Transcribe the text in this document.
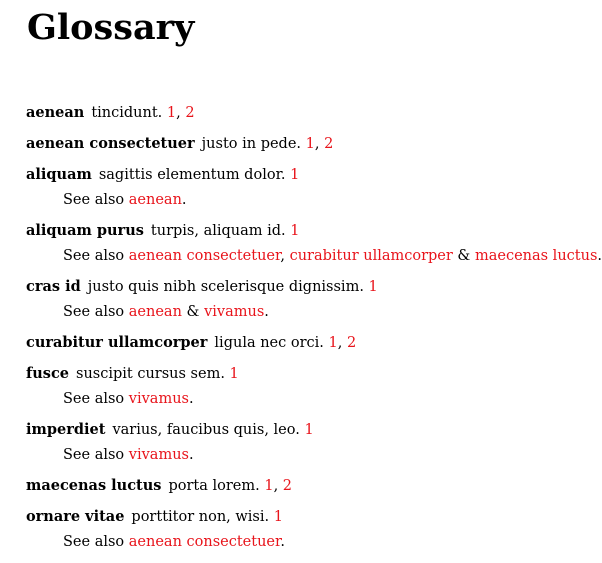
Glossary
aenean tincidunt. 1, 2
aenean consectetuer justo in pede. 1, 2
aliquam sagittis elementum dolor. 1
See also aenean.
aliquam purus turpis, aliquam id. 1
See also aenean consectetuer, curabitur ullamcorper & maecenas luctus.
cras id justo quis nibh scelerisque dignissim. 1
See also aenean & vivamus.
curabitur ullamcorper ligula nec orci. 1, 2
fusce suscipit cursus sem. 1
See also vivamus.
imperdiet varius, faucibus quis, leo. 1
See also vivamus.
maecenas luctus porta lorem. 1, 2
ornare vitae porttitor non, wisi. 1
See also aenean consectetuer.
